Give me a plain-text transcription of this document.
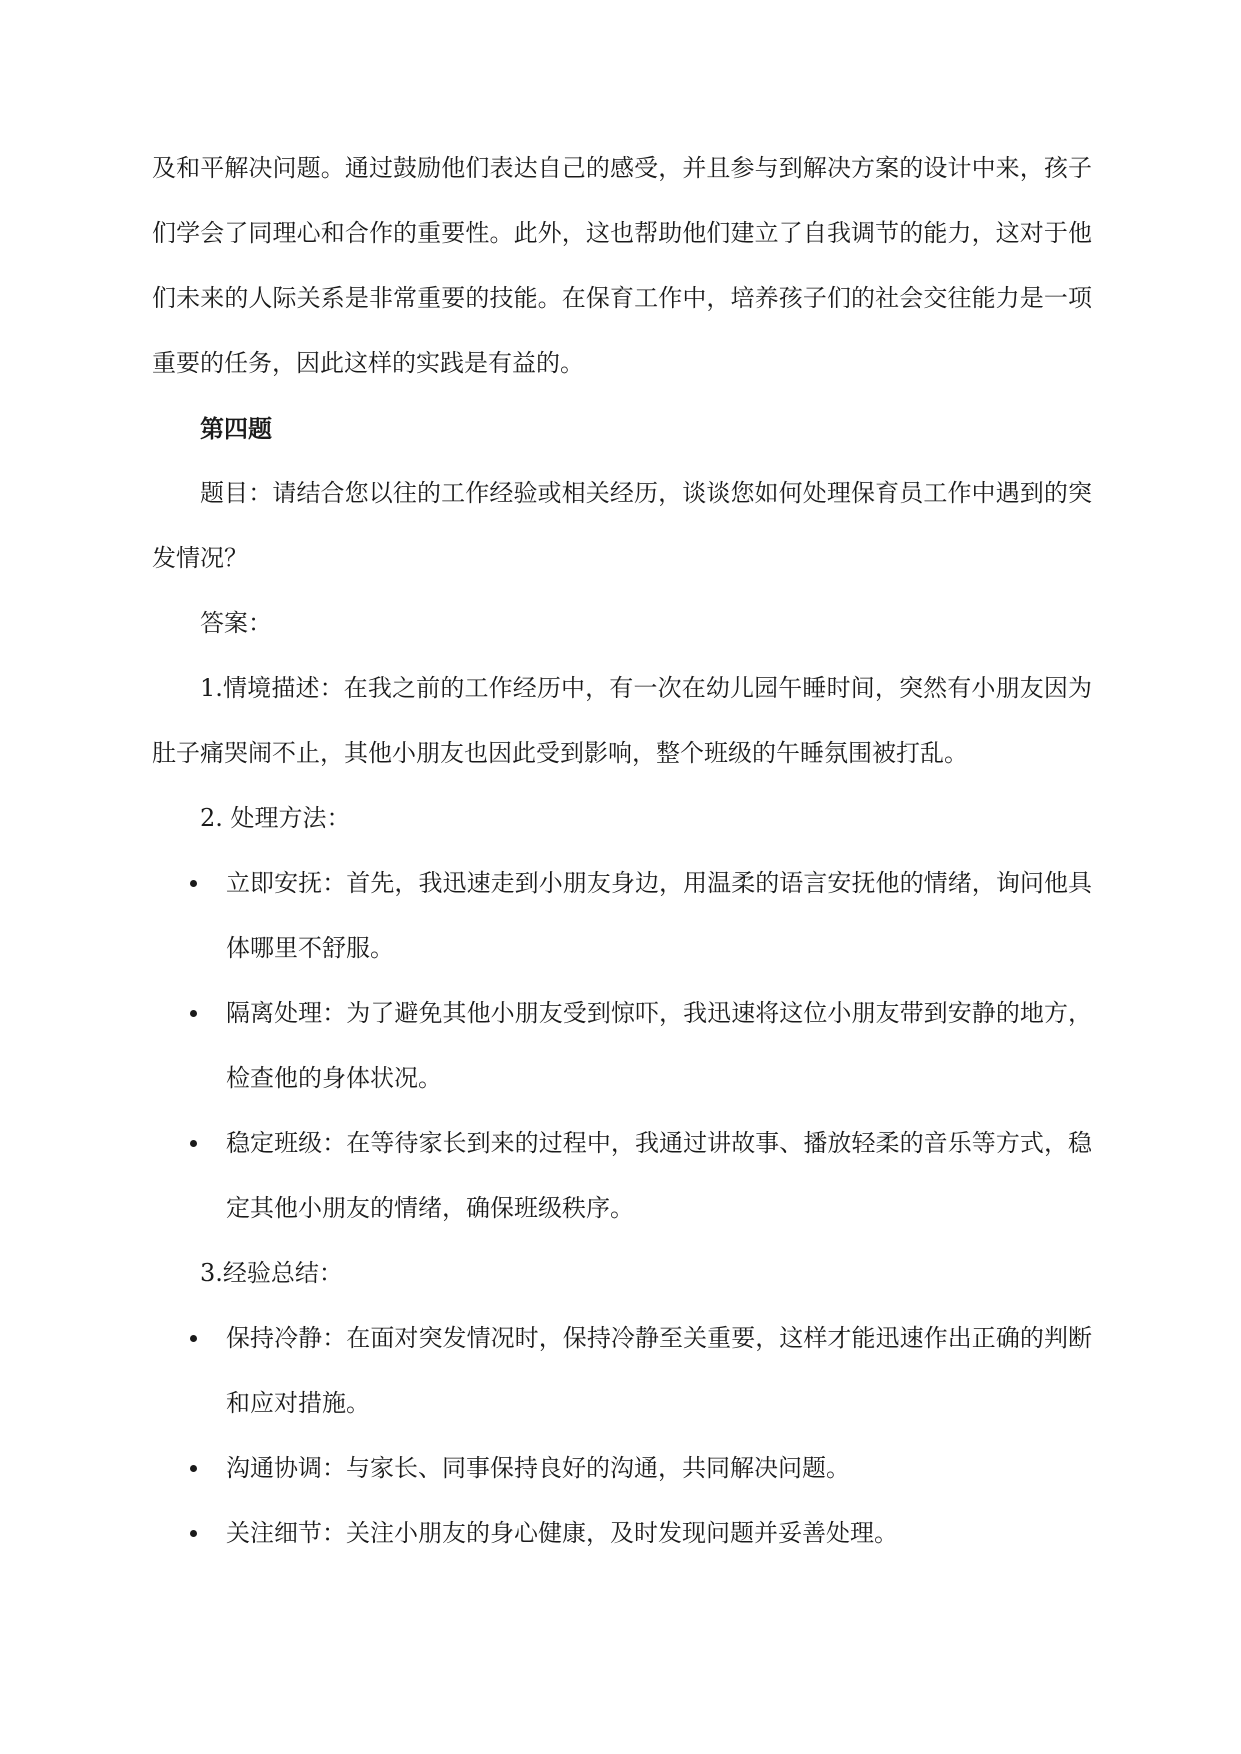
及和平解决问题。通过鼓励他们表达自己的感受，并且参与到解决方案的设计中来，孩子们学会了同理心和合作的重要性。此外，这也帮助他们建立了自我调节的能力，这对于他们未来的人际关系是非常重要的技能。在保育工作中，培养孩子们的社会交往能力是一项重要的任务，因此这样的实践是有益的。

第四题

题目：请结合您以往的工作经验或相关经历，谈谈您如何处理保育员工作中遇到的突发情况？

答案：

1.情境描述：在我之前的工作经历中，有一次在幼儿园午睡时间，突然有小朋友因为肚子痛哭闹不止，其他小朋友也因此受到影响，整个班级的午睡氛围被打乱。

2. 处理方法：

立即安抚：首先，我迅速走到小朋友身边，用温柔的语言安抚他的情绪，询问他具体哪里不舒服。
隔离处理：为了避免其他小朋友受到惊吓，我迅速将这位小朋友带到安静的地方，检查他的身体状况。
稳定班级：在等待家长到来的过程中，我通过讲故事、播放轻柔的音乐等方式，稳定其他小朋友的情绪，确保班级秩序。

3.经验总结：

保持冷静：在面对突发情况时，保持冷静至关重要，这样才能迅速作出正确的判断和应对措施。
沟通协调：与家长、同事保持良好的沟通，共同解决问题。
关注细节：关注小朋友的身心健康，及时发现问题并妥善处理。
